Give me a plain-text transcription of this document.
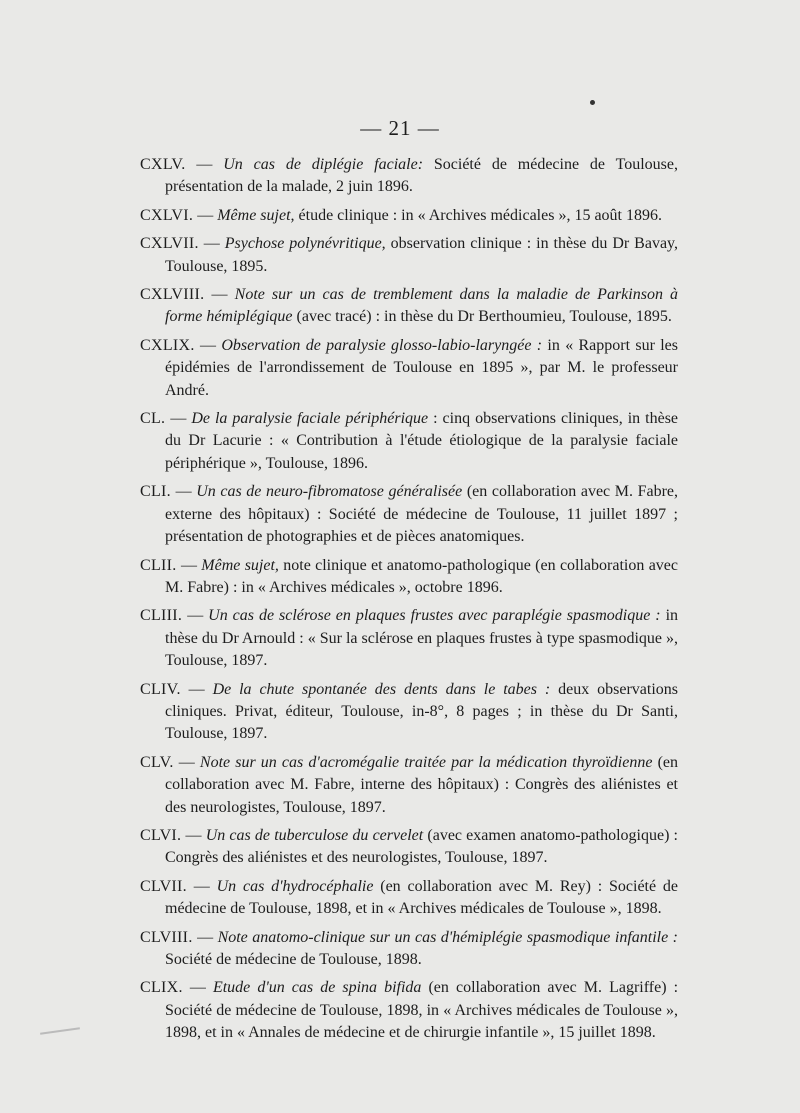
— 21 —

CXLV. — Un cas de diplégie faciale: Société de médecine de Toulouse, présentation de la malade, 2 juin 1896.

CXLVI. — Même sujet, étude clinique : in « Archives médicales », 15 août 1896.

CXLVII. — Psychose polynévritique, observation clinique : in thèse du Dr Bavay, Toulouse, 1895.

CXLVIII. — Note sur un cas de tremblement dans la maladie de Parkinson à forme hémiplégique (avec tracé) : in thèse du Dr Berthoumieu, Toulouse, 1895.

CXLIX. — Observation de paralysie glosso-labio-laryngée : in « Rapport sur les épidémies de l'arrondissement de Toulouse en 1895 », par M. le professeur André.

CL. — De la paralysie faciale périphérique : cinq observations cliniques, in thèse du Dr Lacurie : « Contribution à l'étude étiologique de la paralysie faciale périphérique », Toulouse, 1896.

CLI. — Un cas de neuro-fibromatose généralisée (en collaboration avec M. Fabre, externe des hôpitaux) : Société de médecine de Toulouse, 11 juillet 1897 ; présentation de photographies et de pièces anatomiques.

CLII. — Même sujet, note clinique et anatomo-pathologique (en collaboration avec M. Fabre) : in « Archives médicales », octobre 1896.

CLIII. — Un cas de sclérose en plaques frustes avec paraplégie spasmodique : in thèse du Dr Arnould : « Sur la sclérose en plaques frustes à type spasmodique », Toulouse, 1897.

CLIV. — De la chute spontanée des dents dans le tabes : deux observations cliniques. Privat, éditeur, Toulouse, in-8°, 8 pages ; in thèse du Dr Santi, Toulouse, 1897.

CLV. — Note sur un cas d'acromégalie traitée par la médication thyroïdienne (en collaboration avec M. Fabre, interne des hôpitaux) : Congrès des aliénistes et des neurologistes, Toulouse, 1897.

CLVI. — Un cas de tuberculose du cervelet (avec examen anatomo-pathologique) : Congrès des aliénistes et des neurologistes, Toulouse, 1897.

CLVII. — Un cas d'hydrocéphalie (en collaboration avec M. Rey) : Société de médecine de Toulouse, 1898, et in « Archives médicales de Toulouse », 1898.

CLVIII. — Note anatomo-clinique sur un cas d'hémiplégie spasmodique infantile : Société de médecine de Toulouse, 1898.

CLIX. — Etude d'un cas de spina bifida (en collaboration avec M. Lagriffe) : Société de médecine de Toulouse, 1898, in « Archives médicales de Toulouse », 1898, et in « Annales de médecine et de chirurgie infantile », 15 juillet 1898.
